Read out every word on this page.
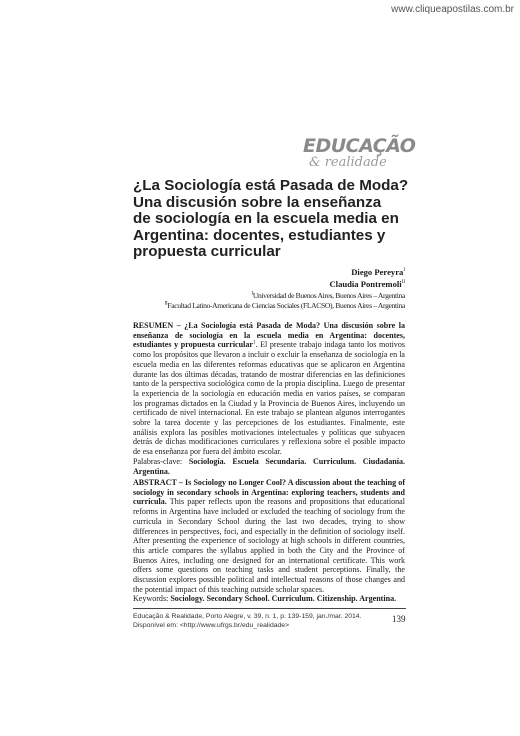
www.cliqueapostilas.com.br
EDUCAÇÃO
& realidade
¿La Sociología está Pasada de Moda?
Una discusión sobre la enseñanza
de sociología en la escuela media en
Argentina: docentes, estudiantes y
propuesta curricular
Diego Pereyra$^I$
Claudia Pontremoli$^{II}$
$^I$Universidad de Buenos Aires, Buenos Aires – Argentina
$^{II}$Facultad Latino-Americana de Ciencias Sociales (FLACSO), Buenos Aires – Argentina

RESUMEN – ¿La Sociología está Pasada de Moda? Una discusión sobre la enseñanza de sociología en la escuela media en Argentina: docentes, estudiantes y propuesta curricular$^1$. El presente trabajo indaga tanto los motivos como los propósitos que llevaron a incluir o excluir la enseñanza de sociología en la escuela media en las diferentes reformas educativas que se aplicaron en Argentina durante las dos últimas décadas, tratando de mostrar diferencias en las definiciones tanto de la perspectiva sociológica como de la propia disciplina. Luego de presentar la experiencia de la sociología en educación media en varios países, se comparan los programas dictados en la Ciudad y la Provincia de Buenos Aires, incluyendo un certificado de nivel internacional. En este trabajo se plantean algunos interrogantes sobre la tarea docente y las percepciones de los estudiantes. Finalmente, este análisis explora las posibles motivaciones intelectuales y políticas que subyacen detrás de dichas modificaciones curriculares y reflexiona sobre el posible impacto de esa enseñanza por fuera del ámbito escolar.
Palabras-clave: Sociología. Escuela Secundaria. Curriculum. Ciudadanía. Argentina.

ABSTRACT – Is Sociology no Longer Cool? A discussion about the teaching of sociology in secondary schools in Argentina: exploring teachers, students and curricula. This paper reflects upon the reasons and propositions that educational reforms in Argentina have included or excluded the teaching of sociology from the curricula in Secondary School during the last two decades, trying to show differences in perspectives, foci, and especially in the definition of sociology itself. After presenting the experience of sociology at high schools in different countries, this article compares the syllabus applied in both the City and the Province of Buenos Aires, including one designed for an international certificate. This work offers some questions on teaching tasks and student perceptions. Finally, the discussion explores possible political and intellectual reasons of those changes and the potential impact of this teaching outside scholar spaces.
Keywords: Sociology. Secondary School. Curriculum. Citizenship. Argentina.

Educação & Realidade, Porto Alegre, v. 39, n. 1, p. 139-159, jan./mar. 2014.
Disponível em: <http://www.ufrgs.br/edu_realidade>
139
